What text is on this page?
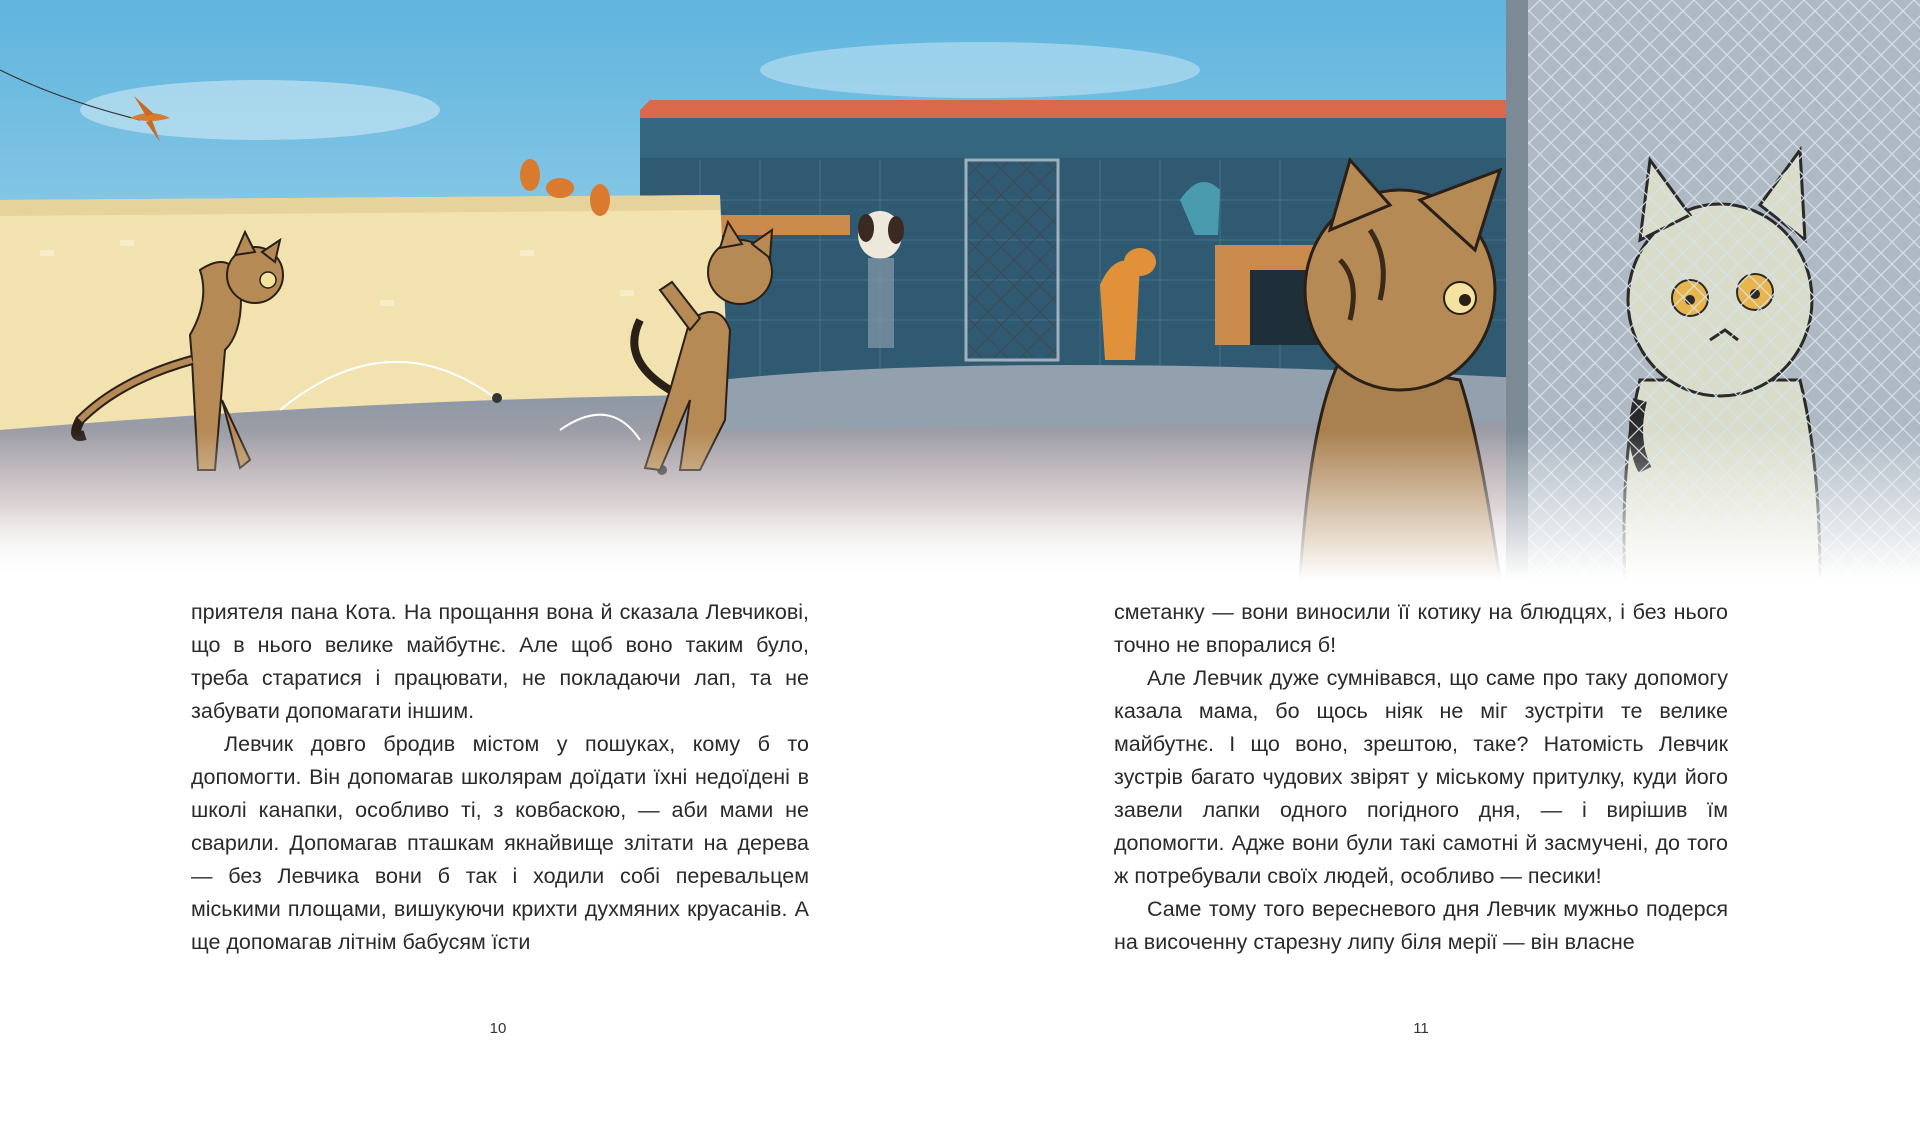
приятеля пана Кота. На прощання вона й сказала Левчикові, що в нього велике майбутнє. Але щоб воно таким було, треба старатися і працювати, не покладаючи лап, та не забувати допомагати іншим.

Левчик довго бродив містом у пошуках, кому б то допомогти. Він допомагав школярам доїдати їхні недоїдені в школі канапки, особливо ті, з ковбаскою, — аби мами не сварили. Допомагав пташкам якнайвище злітати на дерева — без Левчика вони б так і ходили собі перевальцем міськими площами, вишукуючи крихти духмяних круасанів. А ще допомагав літнім бабусям їсти

сметанку — вони виносили її котику на блюдцях, і без нього точно не впоралися б!

Але Левчик дуже сумнівався, що саме про таку допомогу казала мама, бо щось ніяк не міг зустріти те велике майбутнє. І що воно, зрештою, таке? Натомість Левчик зустрів багато чудових звірят у міському притулку, куди його завели лапки одного погідного дня, — і вирішив їм допомогти. Адже вони були такі самотні й засмучені, до того ж потребували своїх людей, особливо — песики!

Саме тому того вересневого дня Левчик мужньо подерся на височенну старезну липу біля мерії — він власне

10	11
